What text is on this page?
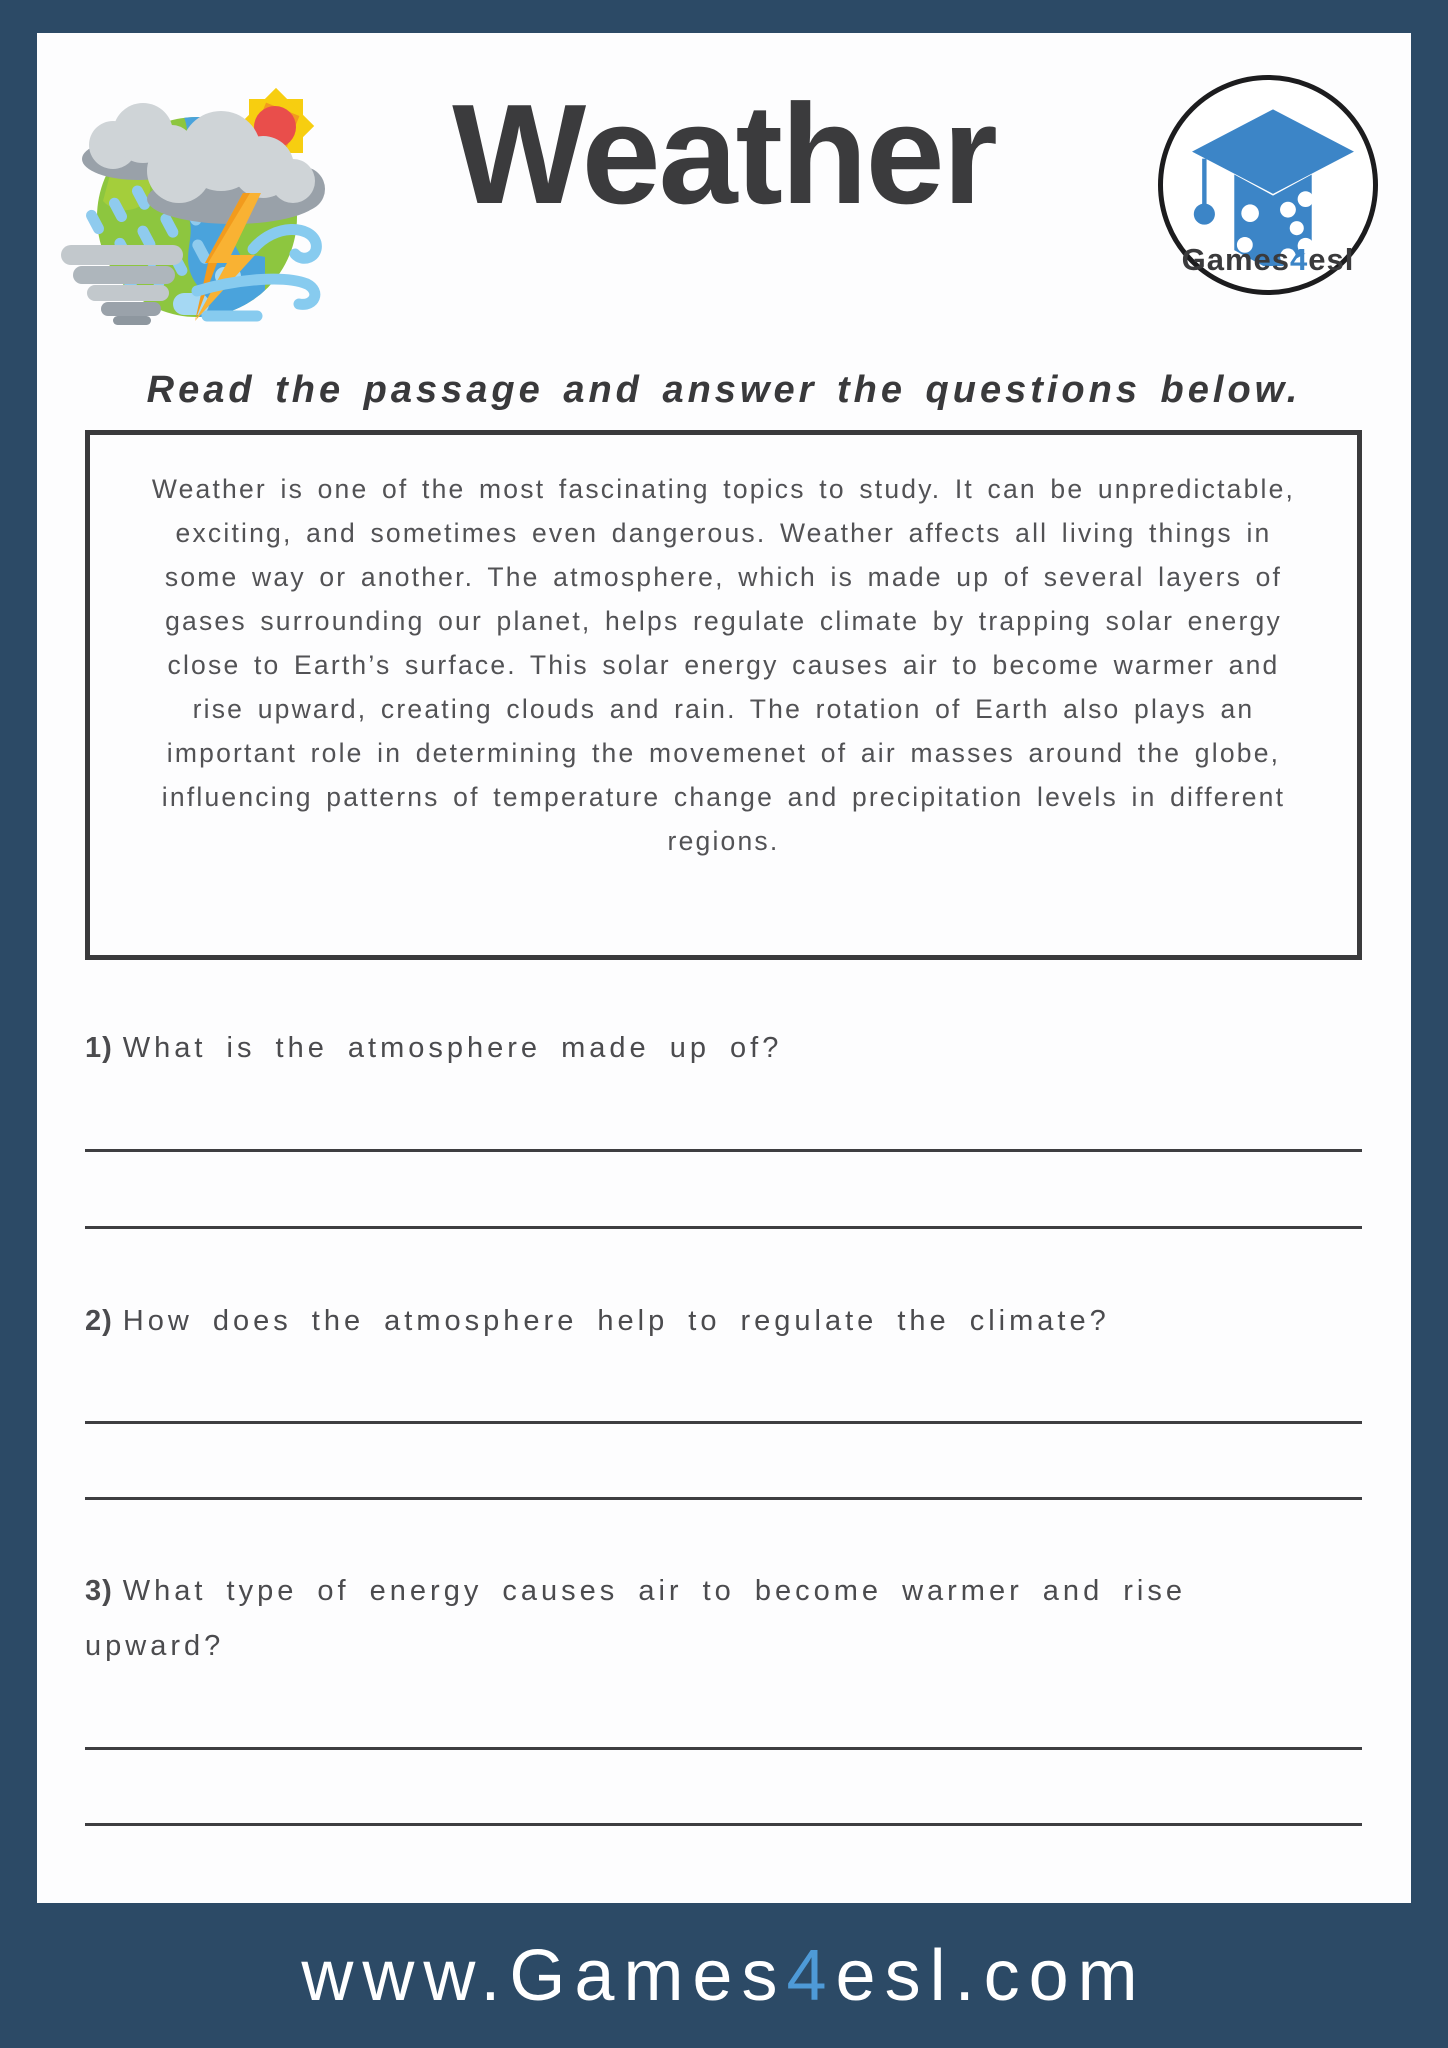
Weather
Games4esl
Read the passage and answer the questions below.

Weather is one of the most fascinating topics to study. It can be unpredictable, exciting, and sometimes even dangerous. Weather affects all living things in some way or another. The atmosphere, which is made up of several layers of gases surrounding our planet, helps regulate climate by trapping solar energy close to Earth’s surface. This solar energy causes air to become warmer and rise upward, creating clouds and rain. The rotation of Earth also plays an important role in determining the movemenet of air masses around the globe, influencing patterns of temperature change and precipitation levels in different regions.

1) What is the atmosphere made up of?
2) How does the atmosphere help to regulate the climate?
3) What type of energy causes air to become warmer and rise upward?
www.Games4esl.com
